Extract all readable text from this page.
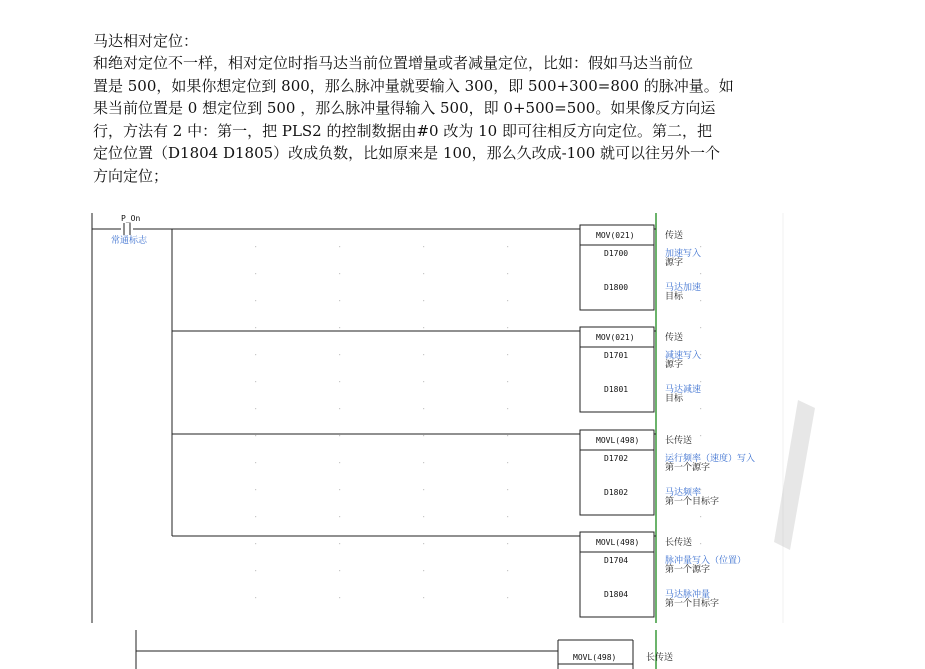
马达相对定位：
和绝对定位不一样，相对定位时指马达当前位置增量或者减量定位，比如：假如马达当前位
置是 500，如果你想定位到 800，那么脉冲量就要输入 300，即 500+300=800 的脉冲量。如
果当前位置是 0 想定位到 500 ，那么脉冲量得输入 500，即 0+500=500。如果像反方向运
行，方法有 2 中：第一，把 PLS2 的控制数据由#0 改为 10 即可往相反方向定位。第二，把
定位位置（D1804 D1805）改成负数，比如原来是 100，那么久改成-100 就可以往另外一个
方向定位；
P_On
常通标志
MOV(021)
D1700
D1800
传送
加速写入
源字
马达加速
目标
MOV(021)
D1701
D1801
传送
减速写入
源字
马达减速
目标
MOVL(498)
D1702
D1802
长传送
运行频率（速度）写入
第一个源字
马达频率
第一个目标字
MOVL(498)
D1704
D1804
长传送
脉冲量写入（位置）
第一个源字
马达脉冲量
第一个目标字
MOVL(498)	长传送
